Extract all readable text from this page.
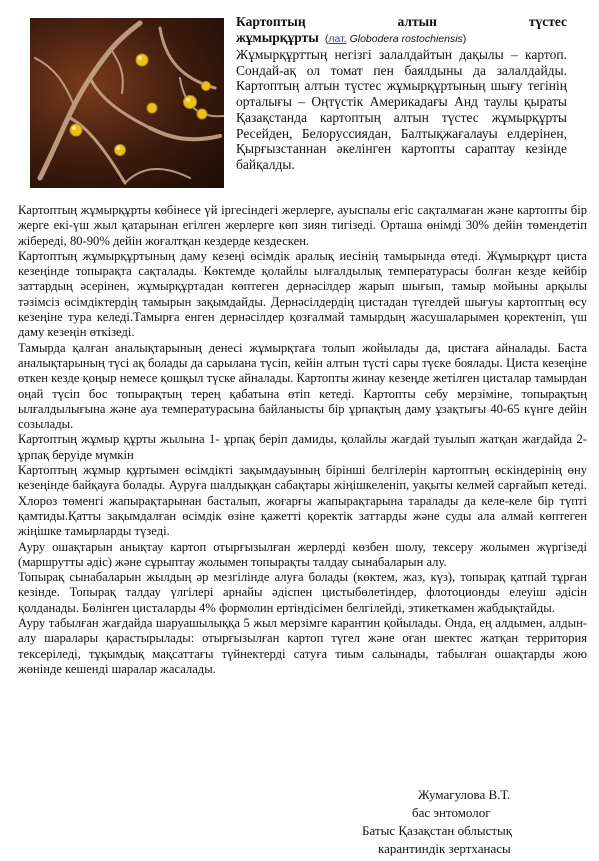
Картоптың алтын түстес

жұмырқұрты (лат. Globodera rostochiensis)

Жұмырқұрттың негізгі залалдайтын дақылы – картоп. Сондай-ақ ол томат пен баялдыны да залалдайды. Картоптың алтын түстес жұмырқұртының шығу тегінің орталығы – Оңтүстік Америкадағы Анд таулы қыраты Қазақстанда картоптың алтын түстес жұмырқұрты Ресейден, Белоруссиядан, Балтықжағалауы елдерінен, Қырғызстаннан әкелінген картопты сараптау кезінде байқалды.

Картоптың жұмырқұрты көбінесе үй іргесіндегі жерлерге, ауыспалы егіс сақталмаған және картопты бір жерге екі-үш жыл қатарынан егілген жерлерге көп зиян тигізеді. Орташа өнімді 30% дейін төмендетіп жібереді, 80-90% дейін жоғалтқан кездерде кездескен.

Картоптың жұмырқұртының даму кезеңі өсімдік аралық иесінің тамырында өтеді. Жұмырқұрт циста кезеңінде топырақта сақталады. Көктемде қолайлы ылғалдылық температурасы болған кезде кейбір заттардың әсерінен, жұмырқұртадан көптеген дернәсілдер жарып шығып, тамыр мойыны арқылы тәзімсіз өсімдіктердің тамырын зақымдайды. Дернәсілдердің цистадан түгелдей шығуы картоптың өсу кезеңіне тура келеді.Тамырға енген дернәсілдер қозғалмай тамырдың жасушаларымен қоректеніп, үш даму кезеңін өткізеді.

Тамырда қалған аналықтарының денесі жұмырқтаға толып жойылады да, цистаға айналады. Баста аналықтарының түсі ақ болады да сарылана түсіп, кейін алтын түсті сары түске боялады. Циста кезеңіне өткен кезде қоңыр немесе қошқыл түске айналады. Картопты жинау кезеңде жетілген цисталар тамырдан оңай түсіп бос топырақтың терең қабатына өтіп кетеді. Картопты себу мерзіміне, топырақтың ылғалдылығына және ауа температурасына байланысты бір ұрпақтың даму ұзақтығы 40-65 күнге дейін созылады.

Картоптың жұмыр құрты жылына 1- ұрпақ беріп дамиды, қолайлы жағдай туылып жатқан жағдайда 2- ұрпақ беруіде мүмкін

Картоптың жұмыр құртымен өсімдікті зақымдауының бірінші белгілерін картоптың өскіндерінің өну кезеңінде байқауға болады. Ауруға шалдыққан сабақтары жіңішкеленіп, уақыты келмей сарғайып кетеді. Хлороз төменгі жапырақтарынан басталып, жоғарғы жапырақтарына таралады да келе-келе бір түпті қамтиды.Қатты зақымдалған өсімдік өзіне қажетті қоректік заттарды және суды ала алмай көптеген жіңішке тамырларды түзеді.

Ауру ошақтарын анықтау картоп отырғызылған жерлерді көзбен шолу, тексеру жолымен жүргізеді (маршрутты әдіс) және сұрыптау жолымен топырақты талдау сынабаларын алу.

Топырақ сынабаларын жылдың әр мезгілінде алуға болады (көктем, жаз, күз), топырақ қатпай тұрған кезінде. Топырақ талдау үлгілері арнайы әдіспен цистыбөлетіндер, флотоционды елеуіш әдісін қолданады. Бөлінген цисталарды 4% формолин ертіндісімен белгілейді, этикеткамен жабдықтайды.

Ауру табылған жағдайда шаруашылыққа 5 жыл мерзімге карантин қойылады. Онда, ең алдымен, алдын-алу шаралары қарастырылады: отырғызылған картоп түгел және оған шектес жатқан территория тексеріледі, тұқымдық мақсаттағы түйнектерді сатуға тиым салынады, табылған ошақтарды жою жөнінде кешенді шаралар жасалады.

Жумагулова В.Т.
бас энтомолог
Батыс Қазақстан облыстық
карантиндік зертханасы
